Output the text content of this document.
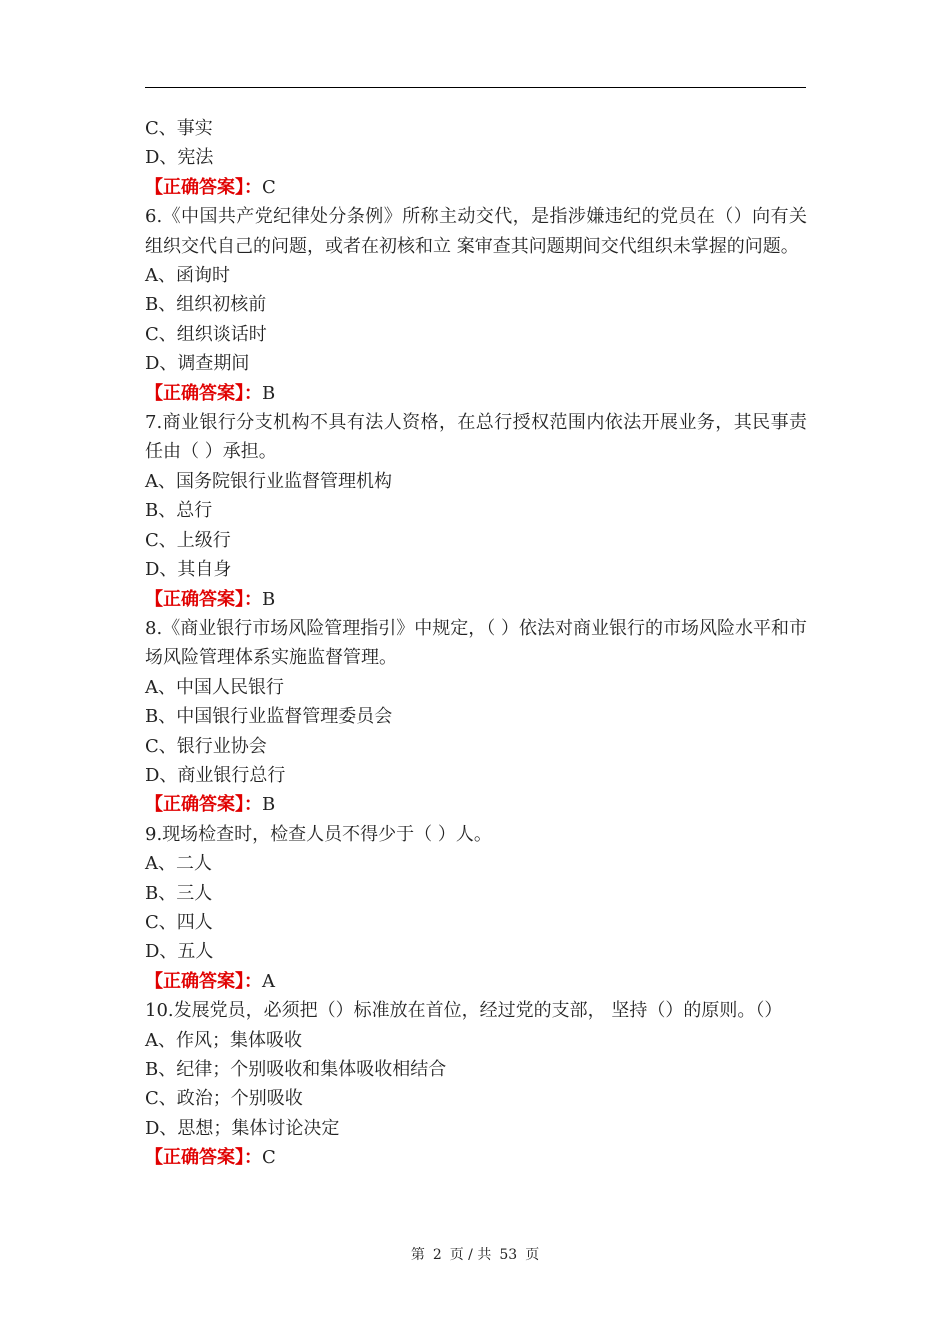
C、事实
D、宪法
【正确答案】：C
6.《中国共产党纪律处分条例》所称主动交代，是指涉嫌违纪的党员在（）向有关组织交代自己的问题，或者在初核和立 案审查其问题期间交代组织未掌握的问题。
A、函询时
B、组织初核前
C、组织谈话时
D、调查期间
【正确答案】：B
7.商业银行分支机构不具有法人资格，在总行授权范围内依法开展业务，其民事责任由（ ）承担。
A、国务院银行业监督管理机构
B、总行
C、上级行
D、其自身
【正确答案】：B
8.《商业银行市场风险管理指引》中规定，（ ）依法对商业银行的市场风险水平和市场风险管理体系实施监督管理。
A、中国人民银行
B、中国银行业监督管理委员会
C、银行业协会
D、商业银行总行
【正确答案】：B
9.现场检查时，检查人员不得少于（ ）人。
A、二人
B、三人
C、四人
D、五人
【正确答案】：A
10.发展党员，必须把（）标准放在首位，经过党的支部， 坚持（）的原则。（）
A、作风；集体吸收
B、纪律；个别吸收和集体吸收相结合
C、政治；个别吸收
D、思想；集体讨论决定
【正确答案】：C
第 2 页 / 共 53 页
